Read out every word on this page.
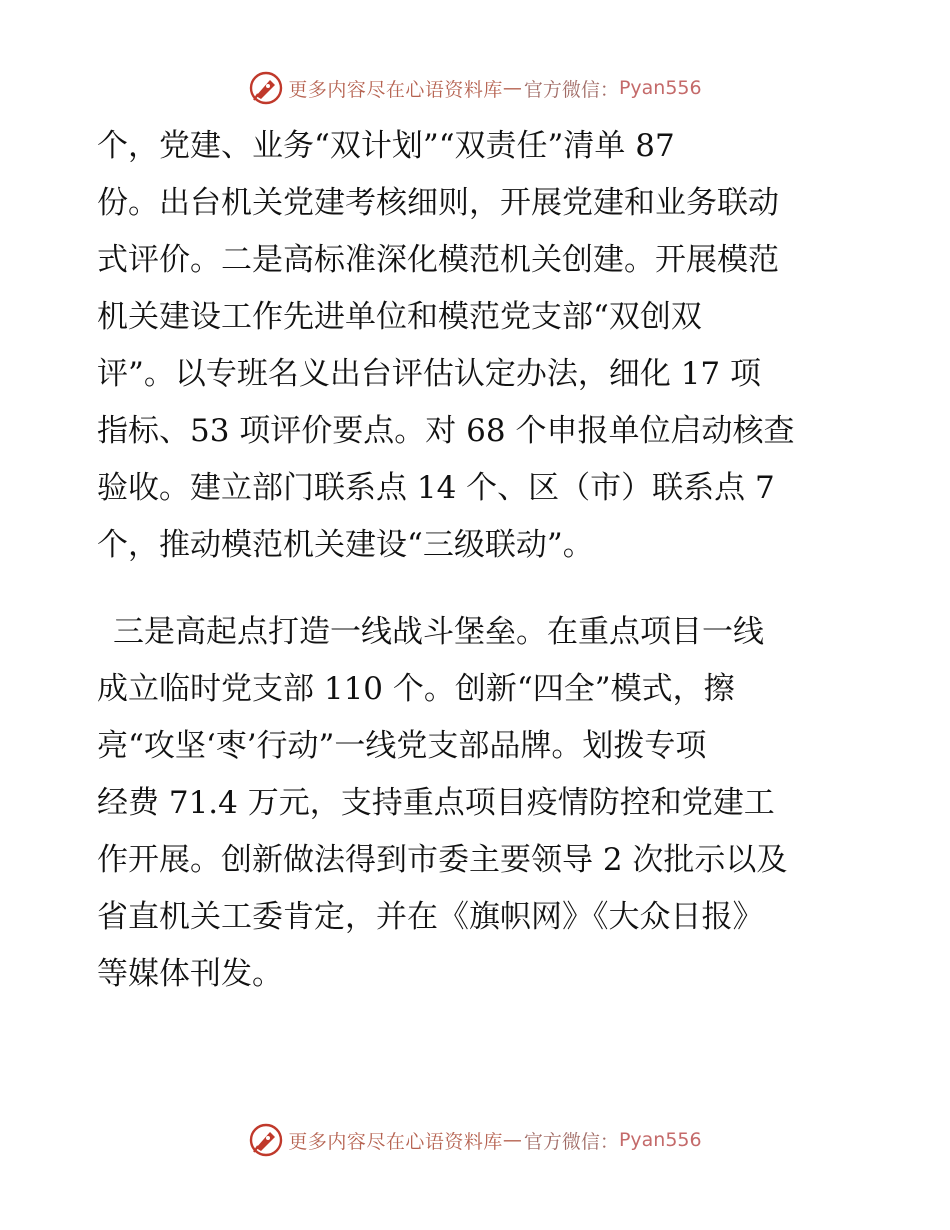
更多内容尽在心语资料库 — 官方微信： Pyan556
个，党建、业务“双计划”“双责任”清单 87
份。出台机关党建考核细则，开展党建和业务联动
式评价。二是高标准深化模范机关创建。开展模范
机关建设工作先进单位和模范党支部“双创双
评”。以专班名义出台评估认定办法，细化 17 项
指标、53 项评价要点。对 68 个申报单位启动核查
验收。建立部门联系点 14 个、区（市）联系点 7
个，推动模范机关建设“三级联动”。
三是高起点打造一线战斗堡垒。在重点项目一线
成立临时党支部 110 个。创新“四全”模式，擦
亮“攻坚‘枣’行动”一线党支部品牌。划拨专项
经费 71.4 万元，支持重点项目疫情防控和党建工
作开展。创新做法得到市委主要领导 2 次批示以及
省直机关工委肯定，并在《旗帜网》《大众日报》
等媒体刊发。
更多内容尽在心语资料库 — 官方微信： Pyan556
